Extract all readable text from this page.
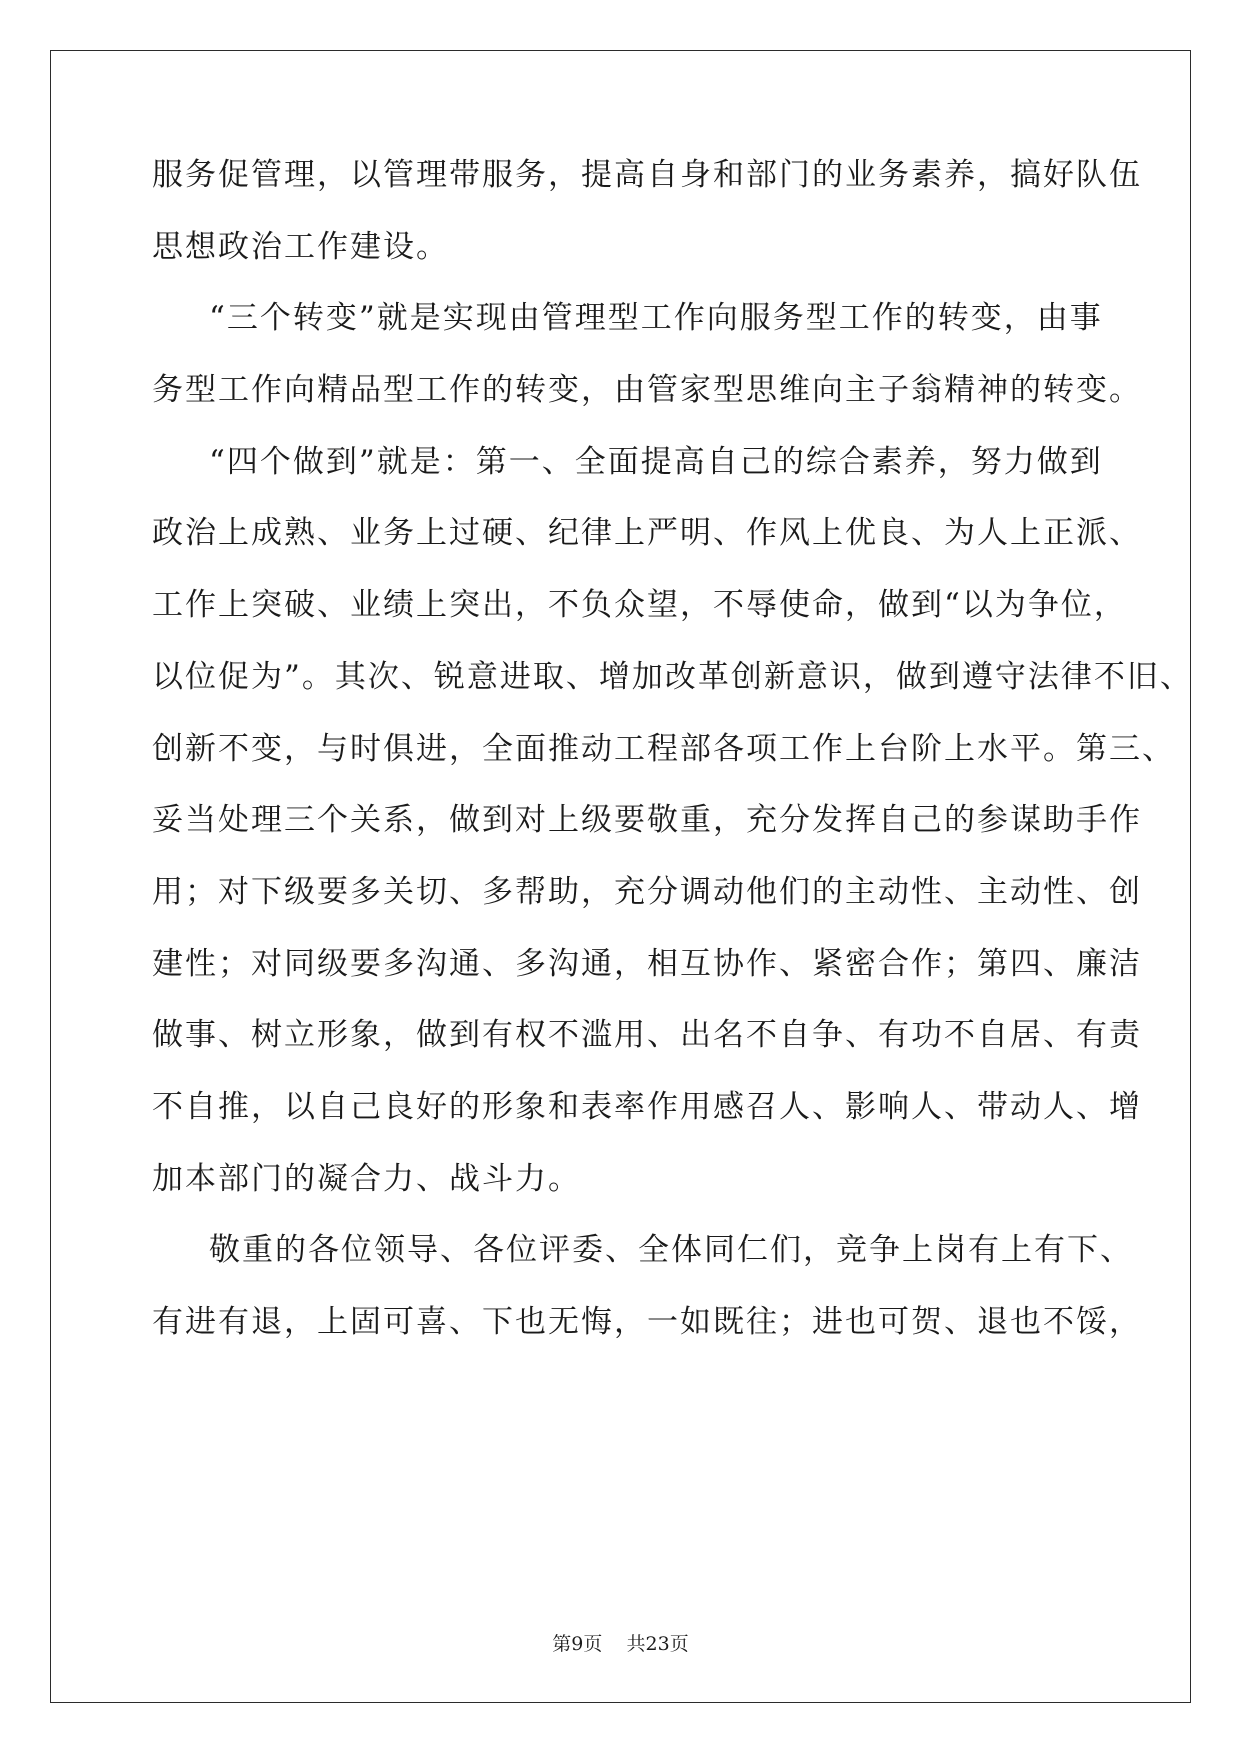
服务促管理，以管理带服务，提高自身和部门的业务素养，搞好队伍
思想政治工作建设。
“三个转变”就是实现由管理型工作向服务型工作的转变，由事
务型工作向精品型工作的转变，由管家型思维向主子翁精神的转变。
“四个做到”就是：第一、全面提高自己的综合素养，努力做到
政治上成熟、业务上过硬、纪律上严明、作风上优良、为人上正派、
工作上突破、业绩上突出，不负众望，不辱使命，做到“以为争位，
以位促为”。其次、锐意进取、增加改革创新意识，做到遵守法律不旧、
创新不变，与时俱进，全面推动工程部各项工作上台阶上水平。第三、
妥当处理三个关系，做到对上级要敬重，充分发挥自己的参谋助手作
用；对下级要多关切、多帮助，充分调动他们的主动性、主动性、创
建性；对同级要多沟通、多沟通，相互协作、紧密合作；第四、廉洁
做事、树立形象，做到有权不滥用、出名不自争、有功不自居、有责
不自推，以自己良好的形象和表率作用感召人、影响人、带动人、增
加本部门的凝合力、战斗力。
敬重的各位领导、各位评委、全体同仁们，竞争上岗有上有下、
有进有退，上固可喜、下也无悔，一如既往；进也可贺、退也不馁，
第9页 共23页
